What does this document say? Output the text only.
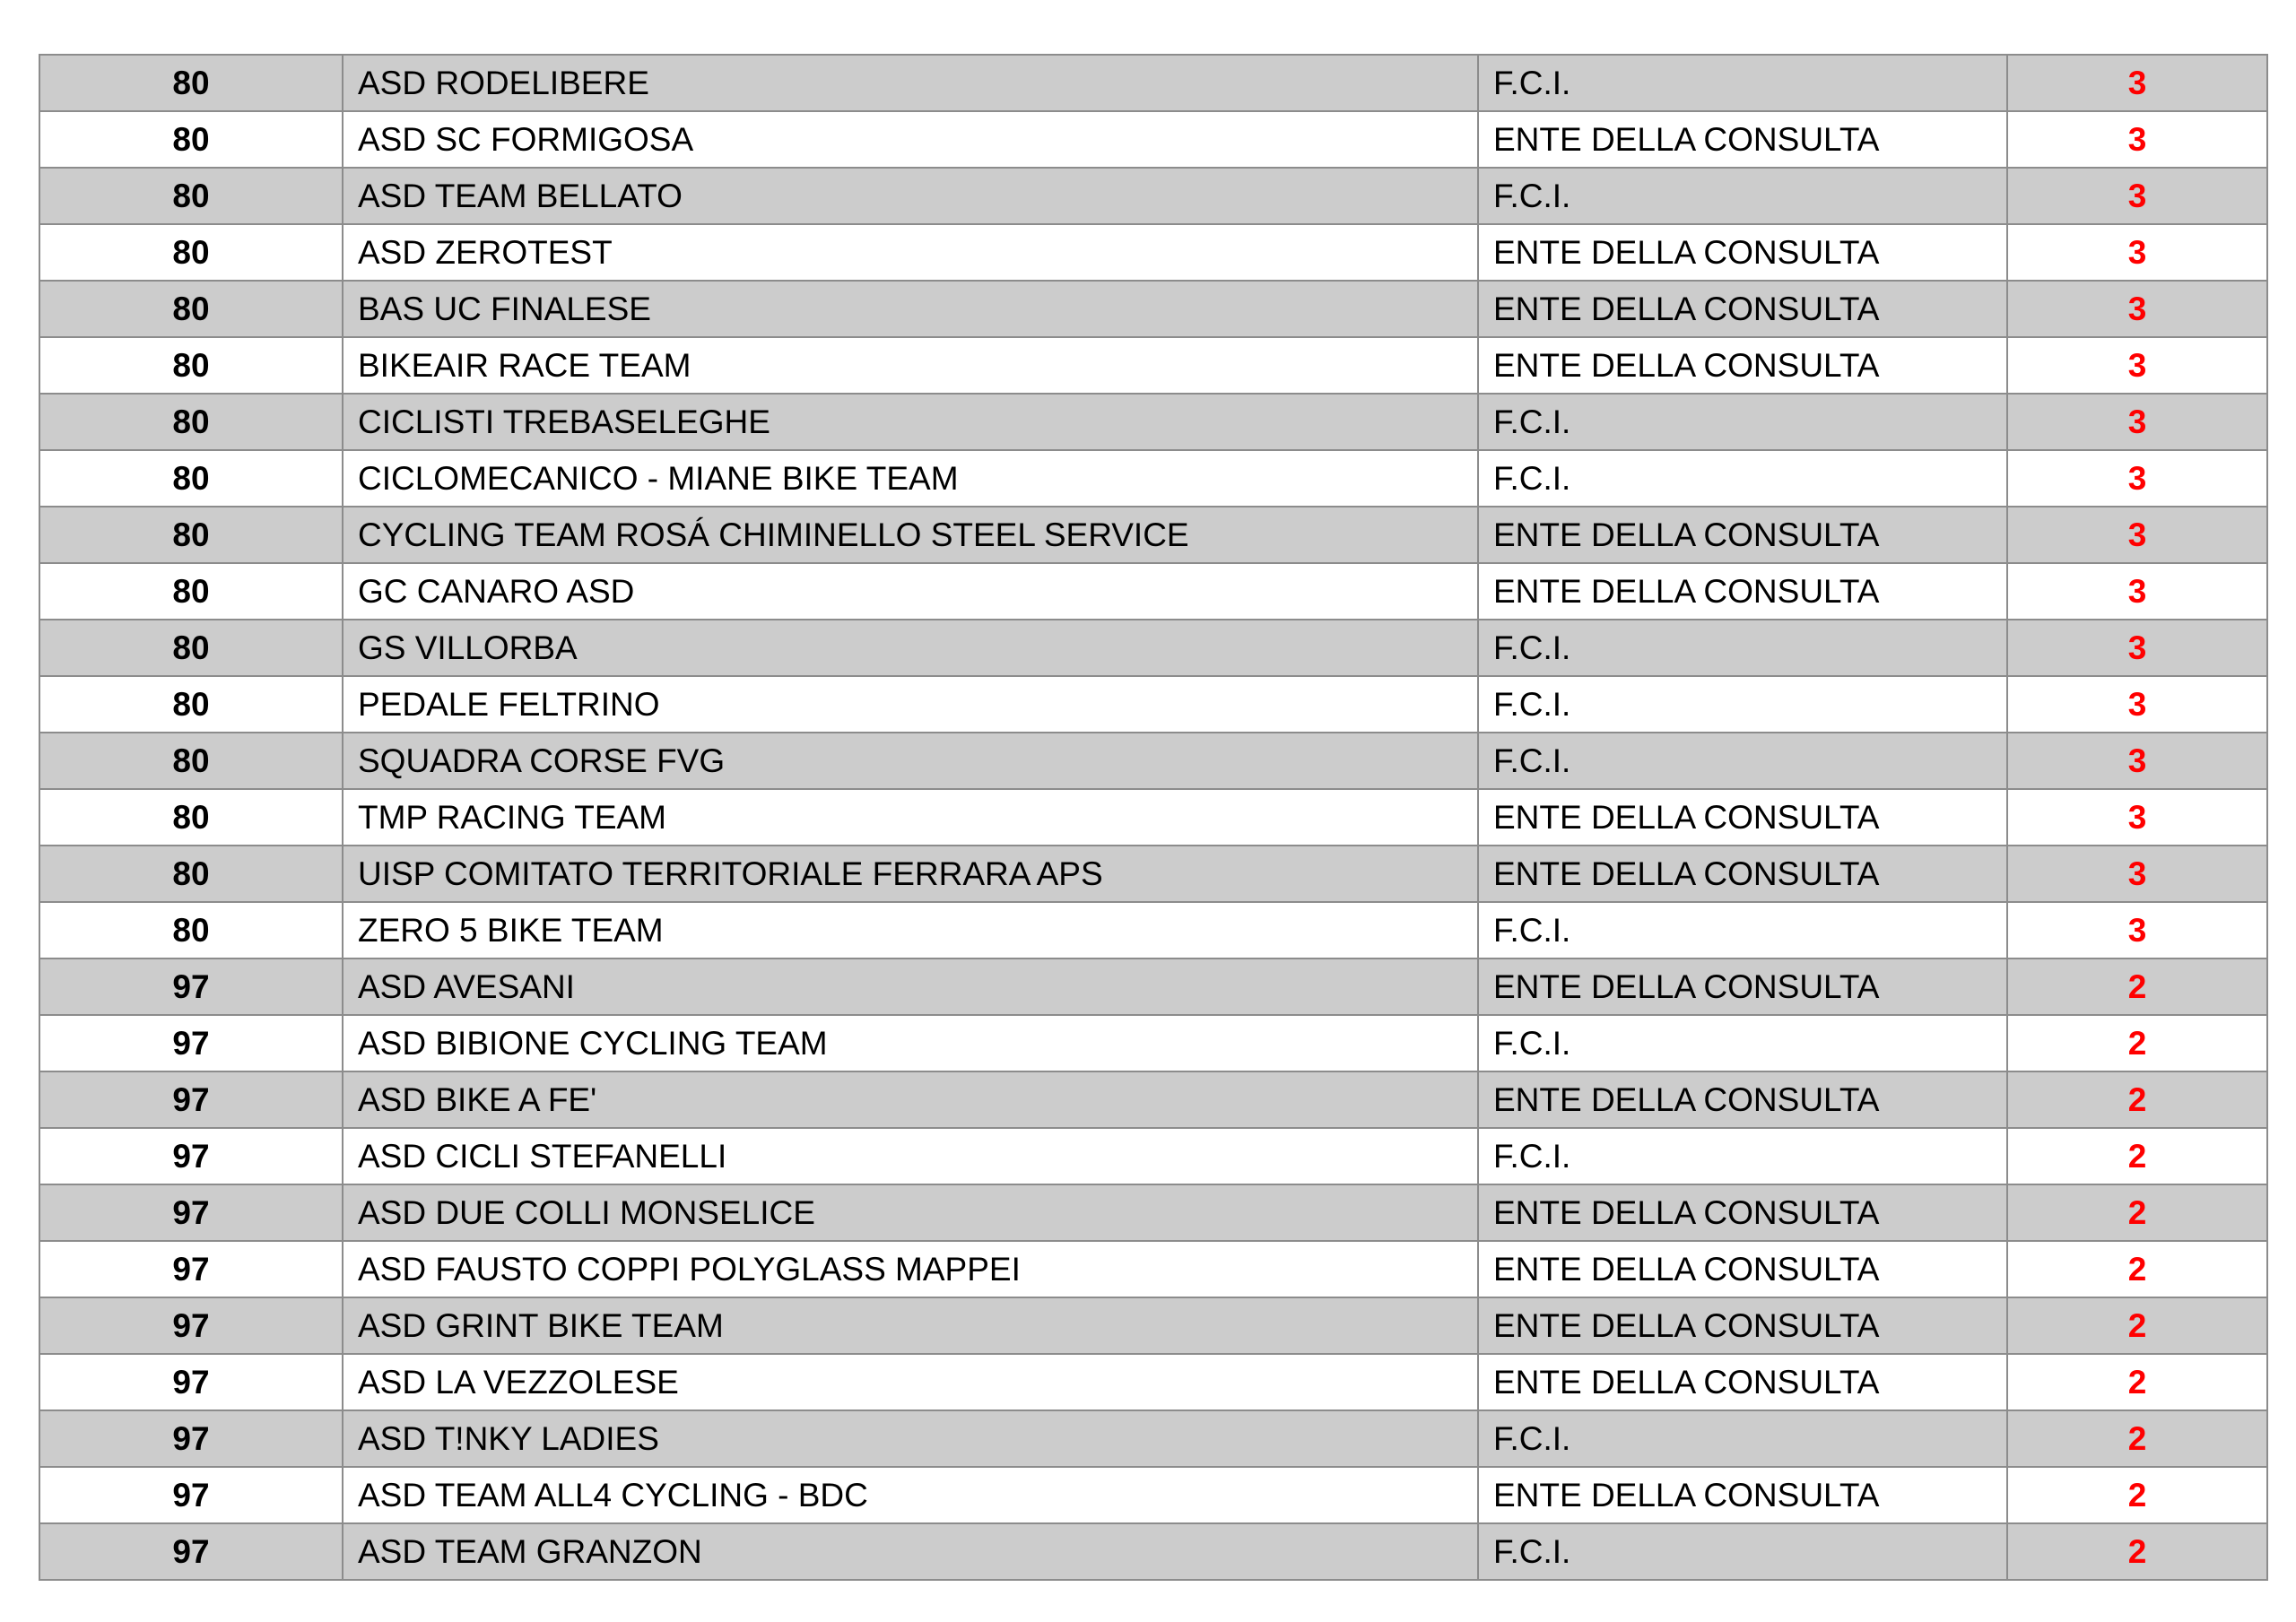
80	ASD RODELIBERE	F.C.I.	3
80	ASD SC FORMIGOSA	ENTE DELLA CONSULTA	3
80	ASD TEAM BELLATO	F.C.I.	3
80	ASD ZEROTEST	ENTE DELLA CONSULTA	3
80	BAS UC FINALESE	ENTE DELLA CONSULTA	3
80	BIKEAIR RACE TEAM	ENTE DELLA CONSULTA	3
80	CICLISTI TREBASELEGHE	F.C.I.	3
80	CICLOMECANICO - MIANE BIKE TEAM	F.C.I.	3
80	CYCLING TEAM ROSÁ CHIMINELLO STEEL SERVICE	ENTE DELLA CONSULTA	3
80	GC CANARO ASD	ENTE DELLA CONSULTA	3
80	GS VILLORBA	F.C.I.	3
80	PEDALE FELTRINO	F.C.I.	3
80	SQUADRA CORSE FVG	F.C.I.	3
80	TMP RACING TEAM	ENTE DELLA CONSULTA	3
80	UISP COMITATO TERRITORIALE FERRARA APS	ENTE DELLA CONSULTA	3
80	ZERO 5 BIKE TEAM	F.C.I.	3
97	ASD AVESANI	ENTE DELLA CONSULTA	2
97	ASD BIBIONE CYCLING TEAM	F.C.I.	2
97	ASD BIKE A FE'	ENTE DELLA CONSULTA	2
97	ASD CICLI STEFANELLI	F.C.I.	2
97	ASD DUE COLLI MONSELICE	ENTE DELLA CONSULTA	2
97	ASD FAUSTO COPPI POLYGLASS MAPPEI	ENTE DELLA CONSULTA	2
97	ASD GRINT BIKE TEAM	ENTE DELLA CONSULTA	2
97	ASD LA VEZZOLESE	ENTE DELLA CONSULTA	2
97	ASD T!NKY LADIES	F.C.I.	2
97	ASD TEAM ALL4 CYCLING - BDC	ENTE DELLA CONSULTA	2
97	ASD TEAM GRANZON	F.C.I.	2
